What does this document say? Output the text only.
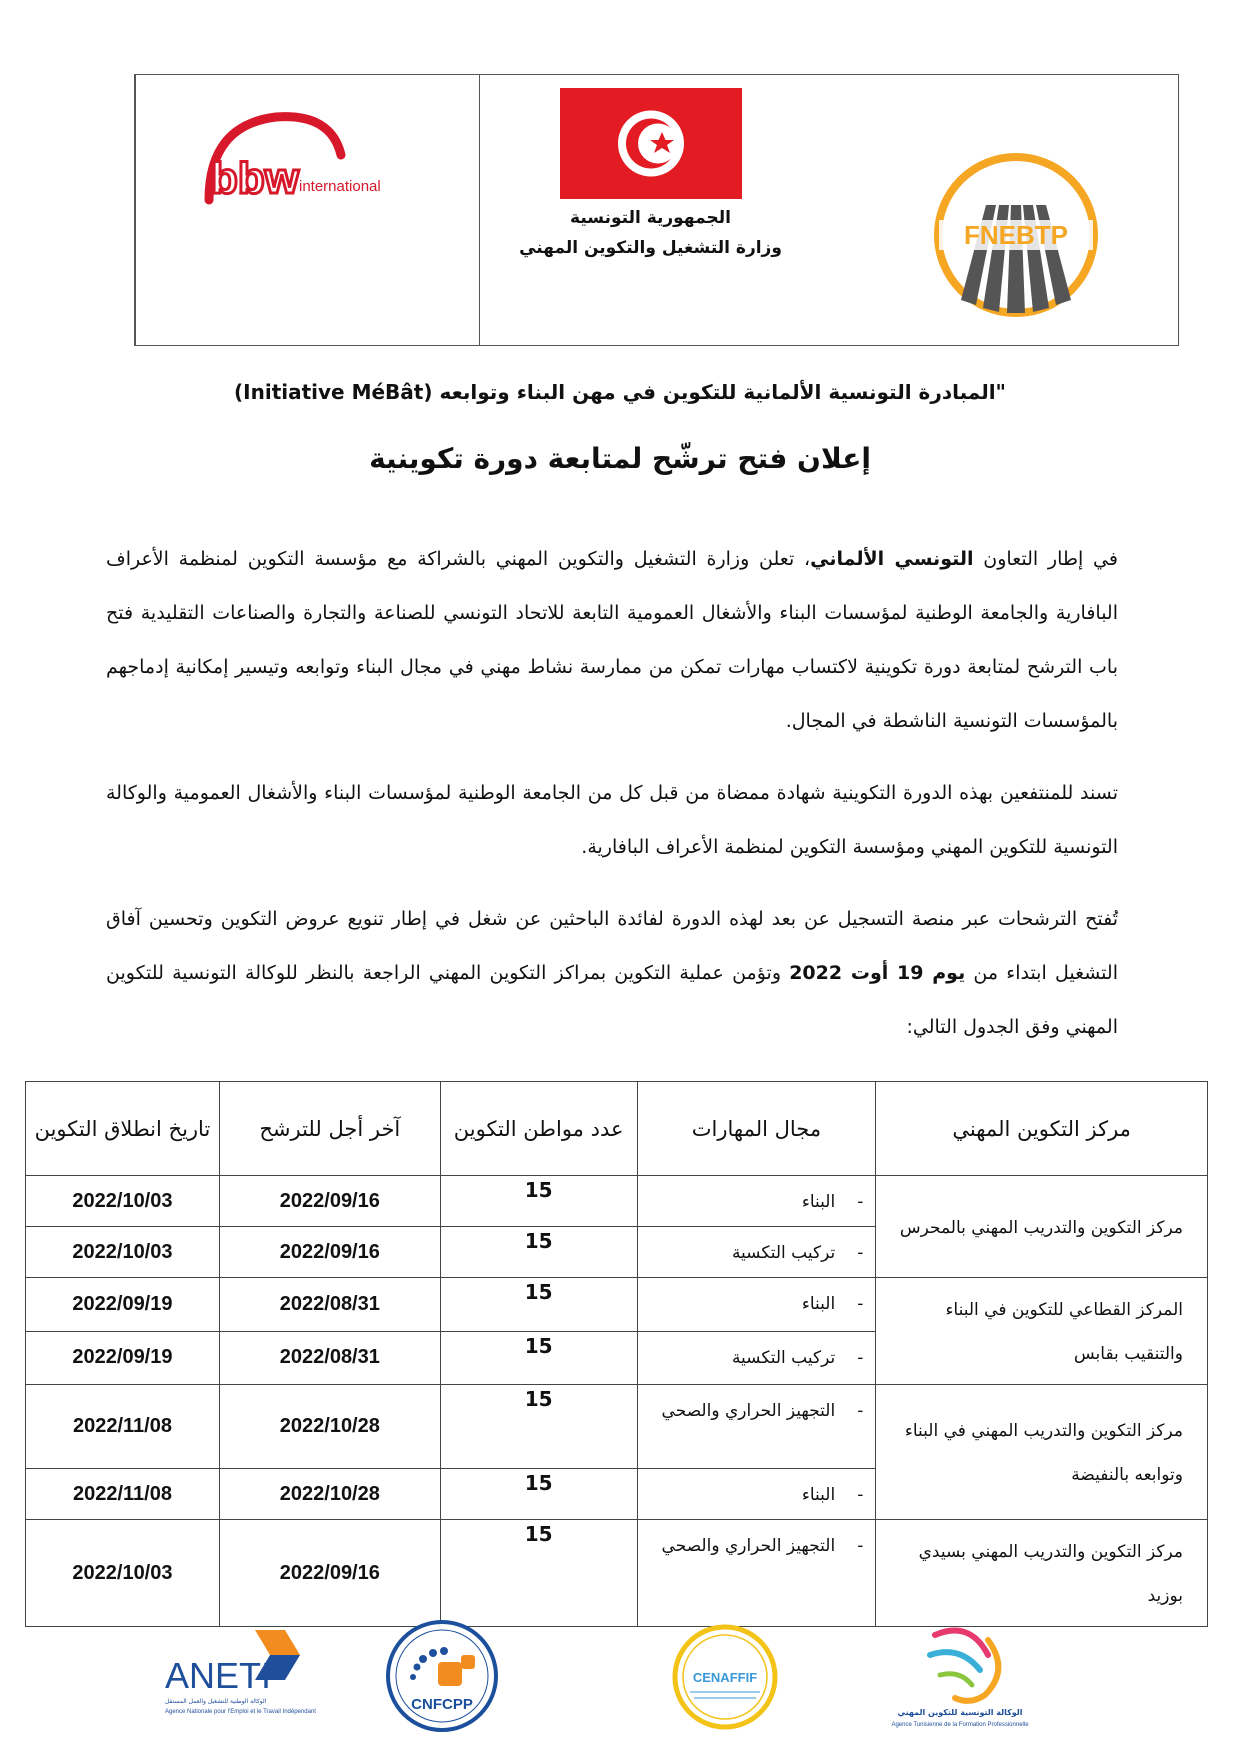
bbw international
الجمهورية التونسية
وزارة التشغيل والتكوين المهني	FNEBTP
"المبادرة التونسية الألمانية للتكوين في مهن البناء وتوابعه (Initiative MéBât)
إعلان فتح ترشّح لمتابعة دورة تكوينية
في إطار التعاون التونسي الألماني، تعلن وزارة التشغيل والتكوين المهني بالشراكة مع مؤسسة التكوين لمنظمة الأعراف البافارية والجامعة الوطنية لمؤسسات البناء والأشغال العمومية التابعة للاتحاد التونسي للصناعة والتجارة والصناعات التقليدية فتح باب الترشح لمتابعة دورة تكوينية لاكتساب مهارات تمكن من ممارسة نشاط مهني في مجال البناء وتوابعه وتيسير إمكانية إدماجهم بالمؤسسات التونسية الناشطة في المجال.
تسند للمنتفعين بهذه الدورة التكوينية شهادة ممضاة من قبل كل من الجامعة الوطنية لمؤسسات البناء والأشغال العمومية والوكالة التونسية للتكوين المهني ومؤسسة التكوين لمنظمة الأعراف البافارية.
تُفتح الترشحات عبر منصة التسجيل عن بعد لهذه الدورة لفائدة الباحثين عن شغل في إطار تنويع عروض التكوين وتحسين آفاق التشغيل ابتداء من يوم 19 أوت 2022 وتؤمن عملية التكوين بمراكز التكوين المهني الراجعة بالنظر للوكالة التونسية للتكوين المهني وفق الجدول التالي:
مركز التكوين المهني	مجال المهارات	عدد مواطن التكوين	آخر أجل للترشح	تاريخ انطلاق التكوين
مركز التكوين والتدريب المهني بالمحرس	-البناء	15	2022/09/16	2022/10/03
	-تركيب التكسية	15	2022/09/16	2022/10/03
المركز القطاعي للتكوين في البناء والتنقيب بقابس	-البناء	15	2022/08/31	2022/09/19
	-تركيب التكسية	15	2022/08/31	2022/09/19
مركز التكوين والتدريب المهني في البناء وتوابعه بالنفيضة	-التجهيز الحراري والصحي	15	2022/10/28	2022/11/08
	-البناء	15	2022/10/28	2022/11/08
مركز التكوين والتدريب المهني بسيدي بوزيد	-التجهيز الحراري والصحي	15	2022/09/16	2022/10/03
ANETI
الوكالة الوطنية للتشغيل والعمل المستقل
Agence Nationale pour l'Emploi et le Travail Indépendant	CNFCPP
CENAFFIF
الوكالة التونسية للتكوين المهني
Agence Tunisienne de la Formation Professionnelle
